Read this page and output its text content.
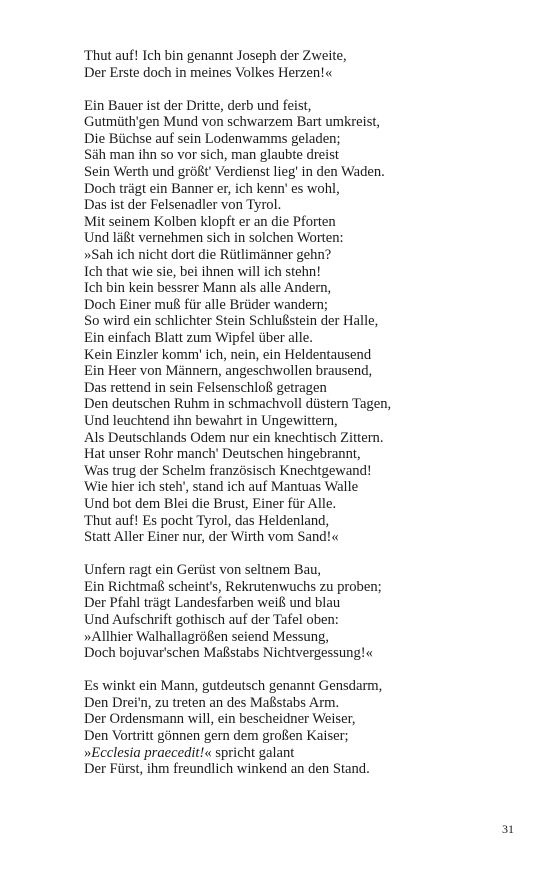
Thut auf! Ich bin genannt Joseph der Zweite,
Der Erste doch in meines Volkes Herzen!«
Ein Bauer ist der Dritte, derb und feist,
Gutmüth'gen Mund von schwarzem Bart umkreist,
Die Büchse auf sein Lodenwamms geladen;
Säh man ihn so vor sich, man glaubte dreist
Sein Werth und größt' Verdienst lieg' in den Waden.
Doch trägt ein Banner er, ich kenn' es wohl,
Das ist der Felsenadler von Tyrol.
Mit seinem Kolben klopft er an die Pforten
Und läßt vernehmen sich in solchen Worten:
»Sah ich nicht dort die Rütlimänner gehn?
Ich that wie sie, bei ihnen will ich stehn!
Ich bin kein bessrer Mann als alle Andern,
Doch Einer muß für alle Brüder wandern;
So wird ein schlichter Stein Schlußstein der Halle,
Ein einfach Blatt zum Wipfel über alle.
Kein Einzler komm' ich, nein, ein Heldentausend
Ein Heer von Männern, angeschwollen brausend,
Das rettend in sein Felsenschloß getragen
Den deutschen Ruhm in schmachvoll düstern Tagen,
Und leuchtend ihn bewahrt in Ungewittern,
Als Deutschlands Odem nur ein knechtisch Zittern.
Hat unser Rohr manch' Deutschen hingebrannt,
Was trug der Schelm französisch Knechtgewand!
Wie hier ich steh', stand ich auf Mantuas Walle
Und bot dem Blei die Brust, Einer für Alle.
Thut auf! Es pocht Tyrol, das Heldenland,
Statt Aller Einer nur, der Wirth vom Sand!«
Unfern ragt ein Gerüst von seltnem Bau,
Ein Richtmaß scheint's, Rekrutenwuchs zu proben;
Der Pfahl trägt Landesfarben weiß und blau
Und Aufschrift gothisch auf der Tafel oben:
»Allhier Walhallagrößen seiend Messung,
Doch bojuvar'schen Maßstabs Nichtvergessung!«
Es winkt ein Mann, gutdeutsch genannt Gensdarm,
Den Drei'n, zu treten an des Maßstabs Arm.
Der Ordensmann will, ein bescheidner Weiser,
Den Vortritt gönnen gern dem großen Kaiser;
»Ecclesia praecedit!« spricht galant
Der Fürst, ihm freundlich winkend an den Stand.
31
